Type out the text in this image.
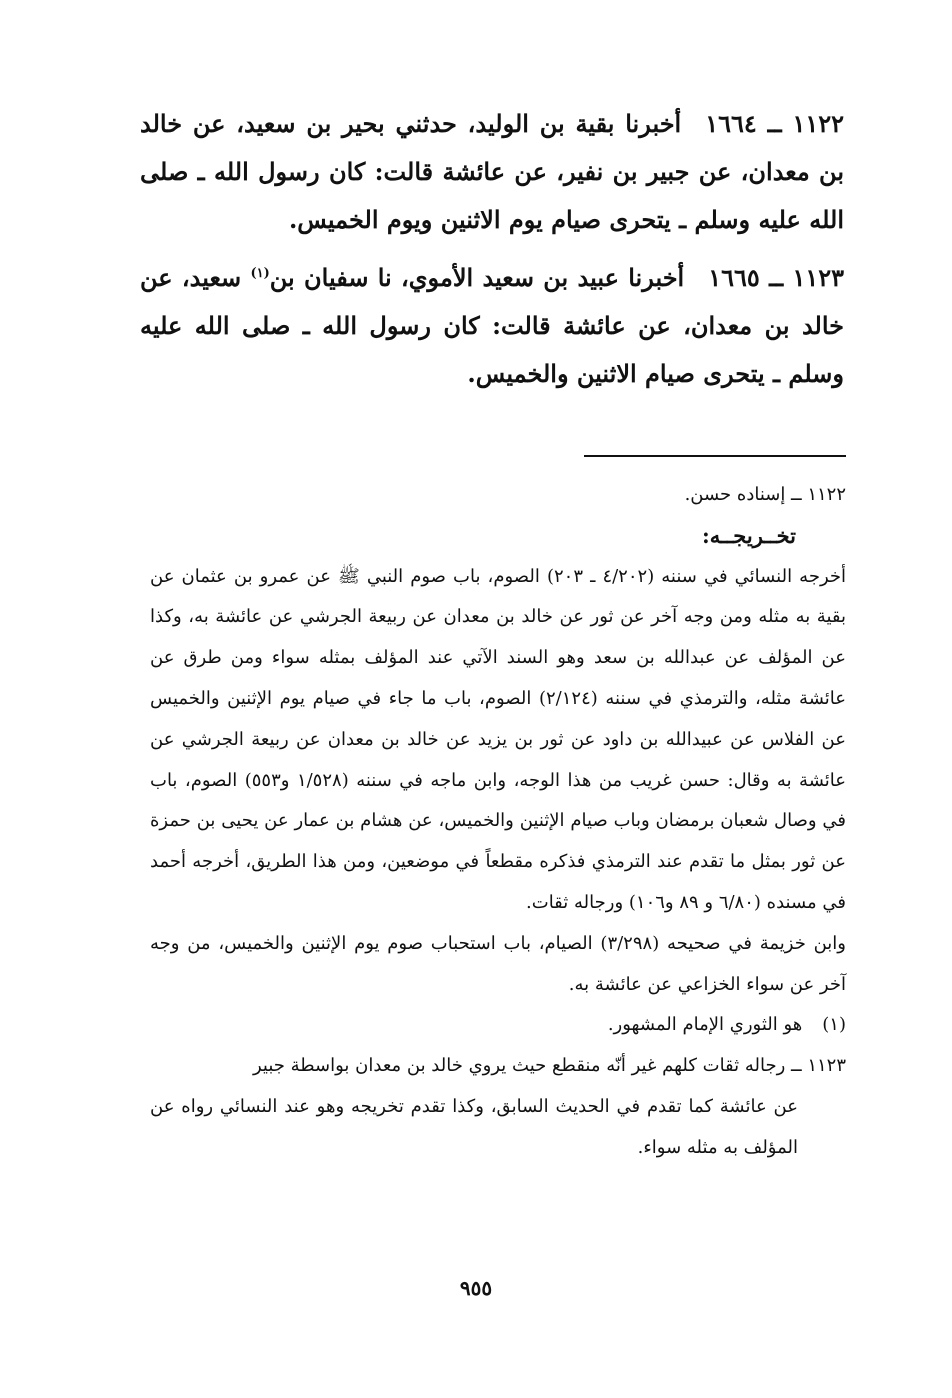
١١٢٢ ــ ١٦٦٤أخبرنا بقية بن الوليد، حدثني بحير بن سعيد، عن خالد بن معدان، عن جبير بن نفير، عن عائشة قالت: كان رسول الله ـ صلى الله عليه وسلم ـ يتحرى صيام يوم الاثنين ويوم الخميس.

١١٢٣ ــ ١٦٦٥أخبرنا عبيد بن سعيد الأموي، نا سفيان بن$^{(١)}$ سعيد، عن خالد بن معدان، عن عائشة قالت: كان رسول الله ـ صلى الله عليه وسلم ـ يتحرى صيام الاثنين والخميس.

١١٢٢ ــ إسناده حسن.

تخــريجــه:

أخرجه النسائي في سننه (٤/٢٠٢ ـ ٢٠٣) الصوم، باب صوم النبي ﷺ عن عمرو بن عثمان عن بقية به مثله ومن وجه آخر عن ثور عن خالد بن معدان عن ربيعة الجرشي عن عائشة به، وكذا عن المؤلف عن عبدالله بن سعد وهو السند الآتي عند المؤلف بمثله سواء ومن طرق عن عائشة مثله، والترمذي في سننه (٢/١٢٤) الصوم، باب ما جاء في صيام يوم الإثنين والخميس عن الفلاس عن عبيدالله بن داود عن ثور بن يزيد عن خالد بن معدان عن ربيعة الجرشي عن عائشة به وقال: حسن غريب من هذا الوجه، وابن ماجه في سننه (١/٥٢٨ و٥٥٣) الصوم، باب في وصال شعبان برمضان وباب صيام الإثنين والخميس، عن هشام بن عمار عن يحيى بن حمزة عن ثور بمثل ما تقدم عند الترمذي فذكره مقطعاً في موضعين، ومن هذا الطريق، أخرجه أحمد في مسنده (٦/٨٠ و ٨٩ و١٠٦) ورجاله ثقات.

وابن خزيمة في صحيحه (٣/٢٩٨) الصيام، باب استحباب صوم يوم الإثنين والخميس، من وجه آخر عن سواء الخزاعي عن عائشة به.

(١)هو الثوري الإمام المشهور.

١١٢٣ ــ رجاله ثقات كلهم غير أنّه منقطع حيث يروي خالد بن معدان بواسطة جبير

عن عائشة كما تقدم في الحديث السابق، وكذا تقدم تخريجه وهو عند النسائي رواه عن المؤلف به مثله سواء.

٩٥٥
